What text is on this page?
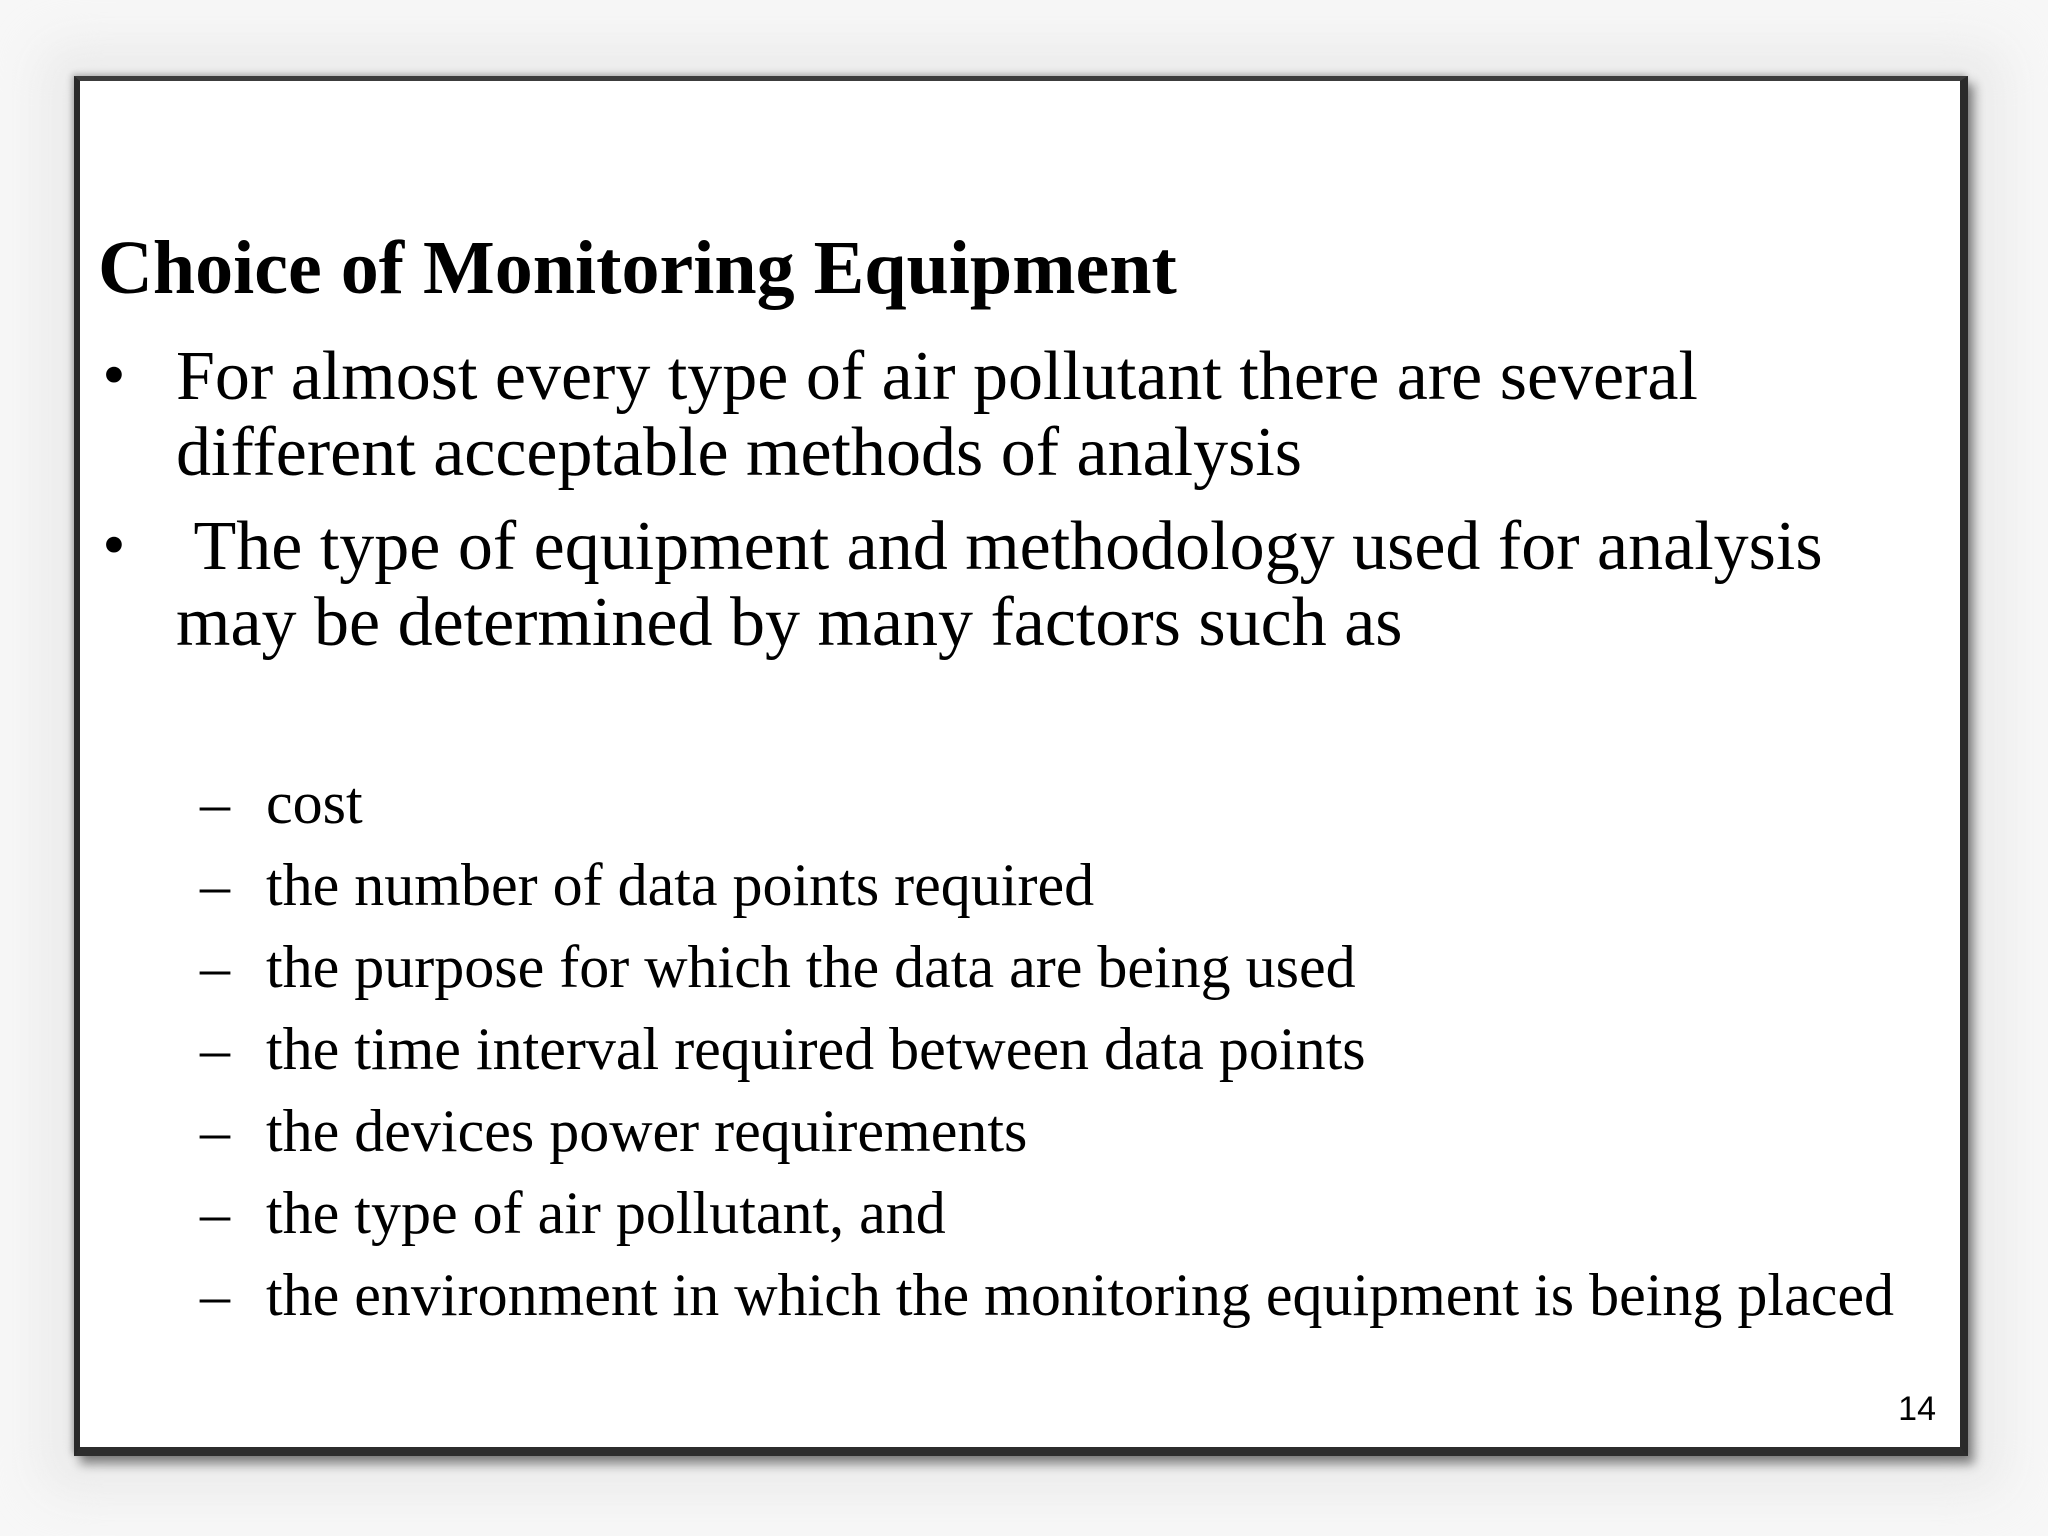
Choice of Monitoring Equipment
• For almost every type of air pollutant there are several different acceptable methods of analysis
• The type of equipment and methodology used for analysis may be determined by many factors such as
– cost
– the number of data points required
– the purpose for which the data are being used
– the time interval required between data points
– the devices power requirements
– the type of air pollutant, and
– the environment in which the monitoring equipment is being placed
14
